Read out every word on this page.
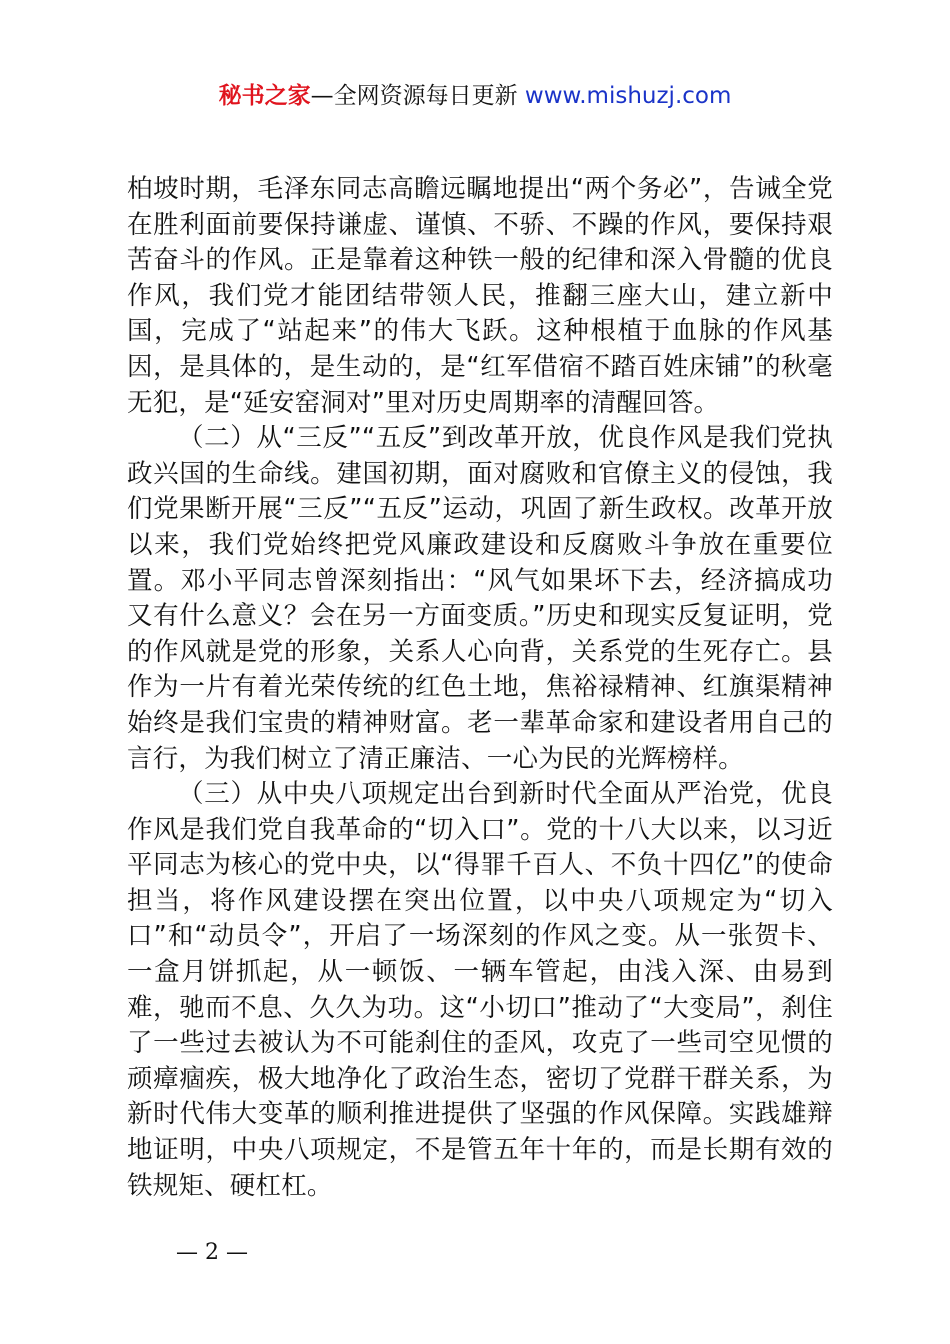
秘书之家—全网资源每日更新 www.mishuzj.com

柏坡时期，毛泽东同志高瞻远瞩地提出“两个务必”，告诫全党在胜利面前要保持谦虚、谨慎、不骄、不躁的作风，要保持艰苦奋斗的作风。正是靠着这种铁一般的纪律和深入骨髓的优良作风，我们党才能团结带领人民，推翻三座大山，建立新中国，完成了“站起来”的伟大飞跃。这种根植于血脉的作风基因，是具体的，是生动的，是“红军借宿不踏百姓床铺”的秋毫无犯，是“延安窑洞对”里对历史周期率的清醒回答。

（二）从“三反”“五反”到改革开放，优良作风是我们党执政兴国的生命线。建国初期，面对腐败和官僚主义的侵蚀，我们党果断开展“三反”“五反”运动，巩固了新生政权。改革开放以来，我们党始终把党风廉政建设和反腐败斗争放在重要位置。邓小平同志曾深刻指出：“风气如果坏下去，经济搞成功又有什么意义？会在另一方面变质。”历史和现实反复证明，党的作风就是党的形象，关系人心向背，关系党的生死存亡。县作为一片有着光荣传统的红色土地，焦裕禄精神、红旗渠精神始终是我们宝贵的精神财富。老一辈革命家和建设者用自己的言行，为我们树立了清正廉洁、一心为民的光辉榜样。

（三）从中央八项规定出台到新时代全面从严治党，优良作风是我们党自我革命的“切入口”。党的十八大以来，以习近平同志为核心的党中央，以“得罪千百人、不负十四亿”的使命担当，将作风建设摆在突出位置，以中央八项规定为“切入口”和“动员令”，开启了一场深刻的作风之变。从一张贺卡、一盒月饼抓起，从一顿饭、一辆车管起，由浅入深、由易到难，驰而不息、久久为功。这“小切口”推动了“大变局”，刹住了一些过去被认为不可能刹住的歪风，攻克了一些司空见惯的顽瘴痼疾，极大地净化了政治生态，密切了党群干群关系，为新时代伟大变革的顺利推进提供了坚强的作风保障。实践雄辩地证明，中央八项规定，不是管五年十年的，而是长期有效的铁规矩、硬杠杠。

— 2 —
